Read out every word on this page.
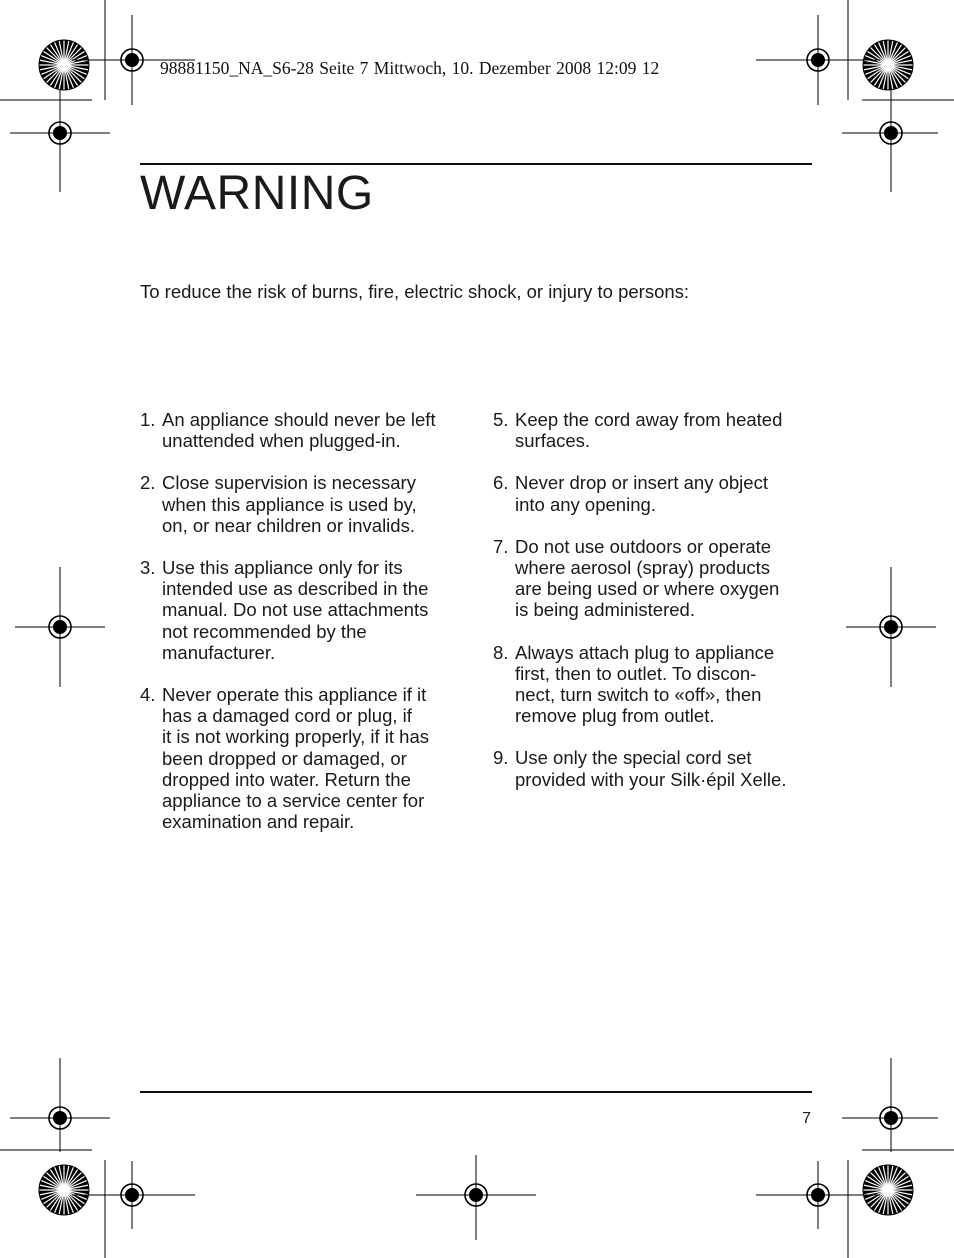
98881150_NA_S6-28 Seite 7 Mittwoch, 10. Dezember 2008 12:09 12
WARNING

To reduce the risk of burns, fire, electric shock, or injury to persons:

1. An appliance should never be left
unattended when plugged-in.
2. Close supervision is necessary
when this appliance is used by,
on, or near children or invalids.
3. Use this appliance only for its
intended use as described in the
manual. Do not use attachments
not recommended by the
manufacturer.
4. Never operate this appliance if it
has a damaged cord or plug, if
it is not working properly, if it has
been dropped or damaged, or
dropped into water. Return the
appliance to a service center for
examination and repair.
5. Keep the cord away from heated
surfaces.
6. Never drop or insert any object
into any opening.
7. Do not use outdoors or operate
where aerosol (spray) products
are being used or where oxygen
is being administered.
8. Always attach plug to appliance
first, then to outlet. To discon-
nect, turn switch to «off», then
remove plug from outlet.
9. Use only the special cord set
provided with your Silk·épil Xelle.
7
